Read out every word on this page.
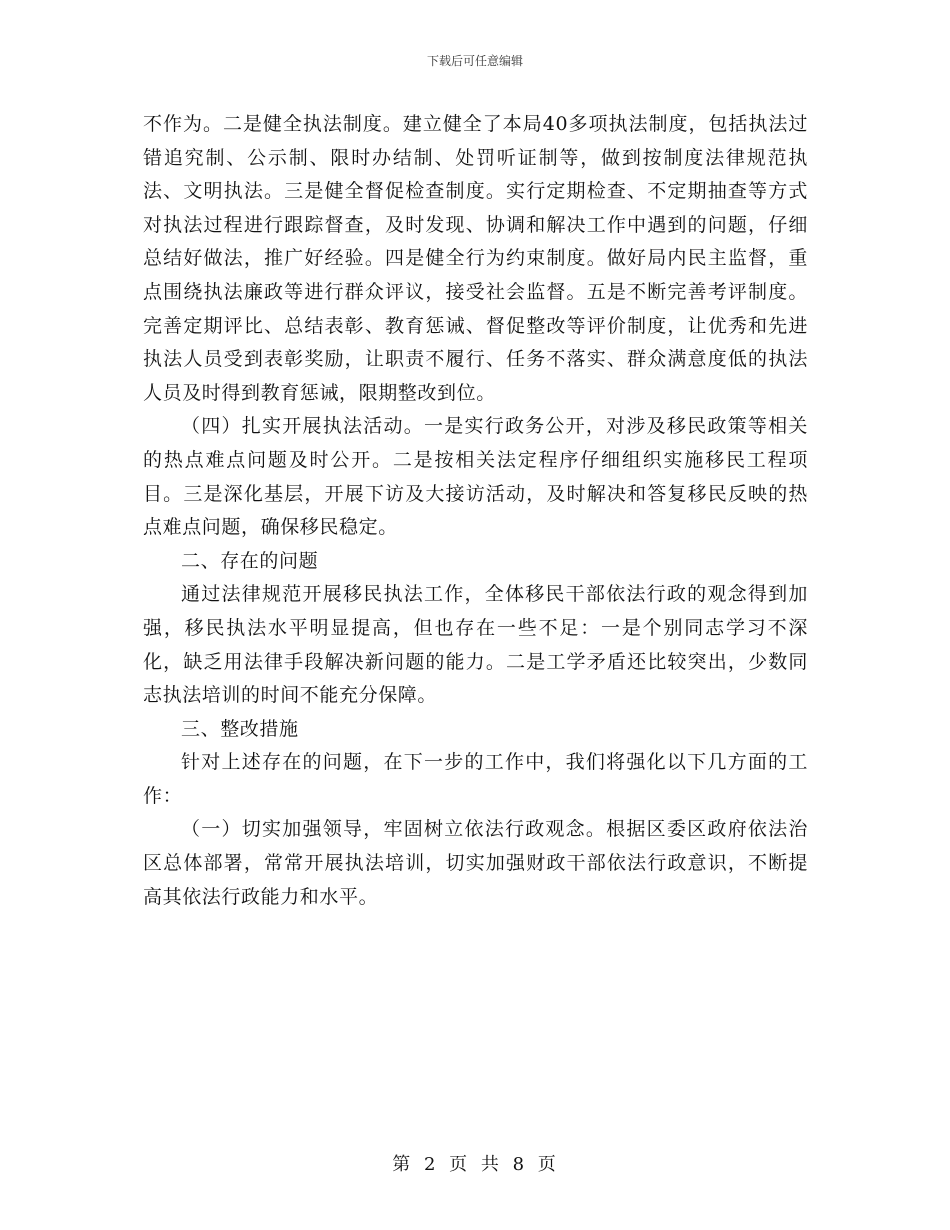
下载后可任意编辑

不作为。二是健全执法制度。建立健全了本局40多项执法制度，包括执法过错追究制、公示制、限时办结制、处罚听证制等，做到按制度法律规范执法、文明执法。三是健全督促检查制度。实行定期检查、不定期抽查等方式对执法过程进行跟踪督查，及时发现、协调和解决工作中遇到的问题，仔细总结好做法，推广好经验。四是健全行为约束制度。做好局内民主监督，重点围绕执法廉政等进行群众评议，接受社会监督。五是不断完善考评制度。完善定期评比、总结表彰、教育惩诫、督促整改等评价制度，让优秀和先进执法人员受到表彰奖励，让职责不履行、任务不落实、群众满意度低的执法人员及时得到教育惩诫，限期整改到位。

（四）扎实开展执法活动。一是实行政务公开，对涉及移民政策等相关的热点难点问题及时公开。二是按相关法定程序仔细组织实施移民工程项目。三是深化基层，开展下访及大接访活动，及时解决和答复移民反映的热点难点问题，确保移民稳定。

二、存在的问题

通过法律规范开展移民执法工作，全体移民干部依法行政的观念得到加强，移民执法水平明显提高，但也存在一些不足：一是个别同志学习不深化，缺乏用法律手段解决新问题的能力。二是工学矛盾还比较突出，少数同志执法培训的时间不能充分保障。

三、整改措施

针对上述存在的问题，在下一步的工作中，我们将强化以下几方面的工作：

（一）切实加强领导，牢固树立依法行政观念。根据区委区政府依法治区总体部署，常常开展执法培训，切实加强财政干部依法行政意识，不断提高其依法行政能力和水平。

第 2 页 共 8 页
